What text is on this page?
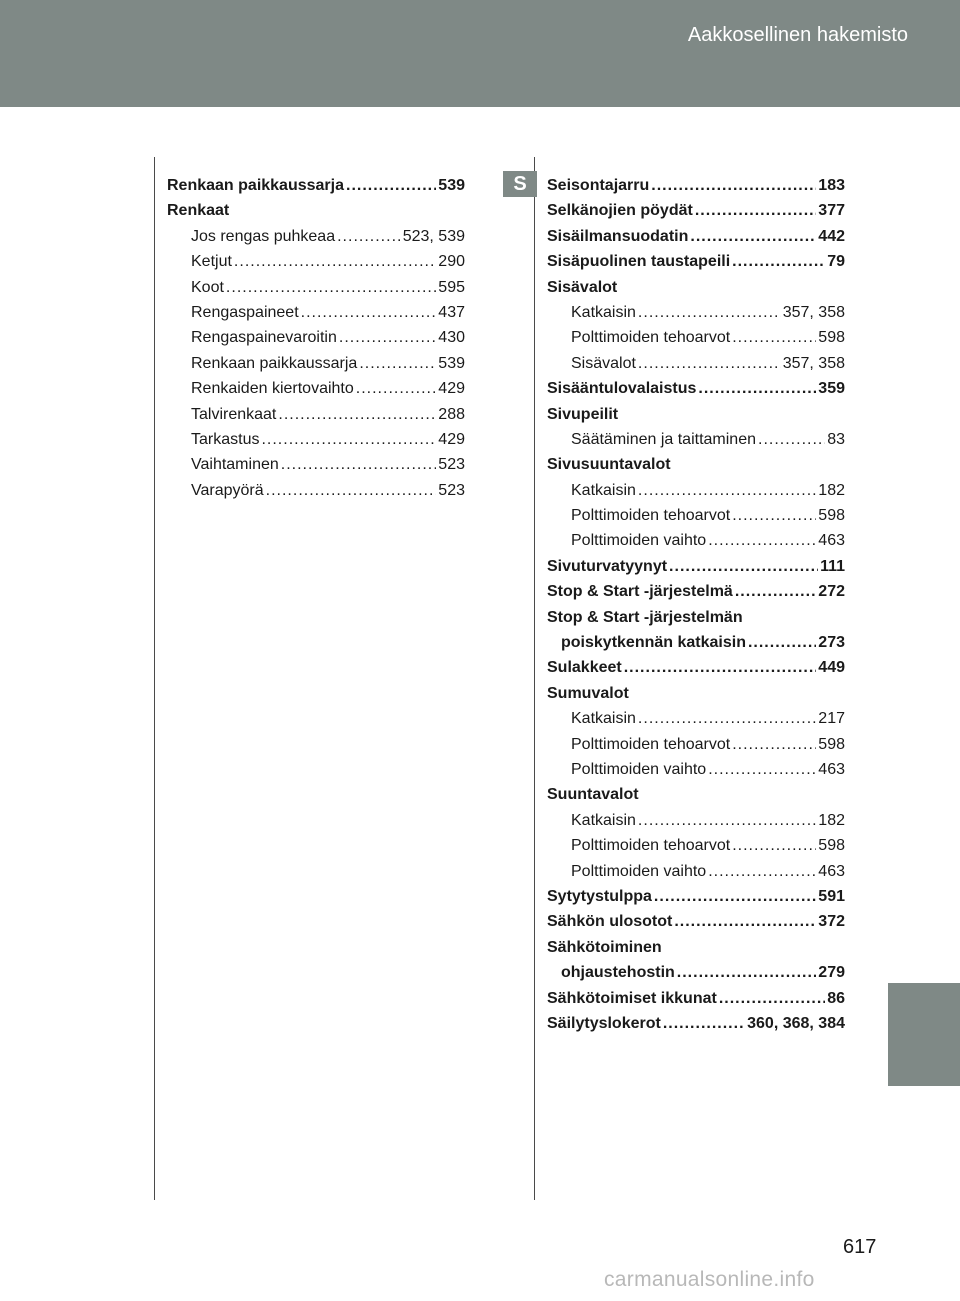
Aakkosellinen hakemisto
S
Renkaan paikkaussarja .....	539
Renkaat
Jos rengas puhkeaa .....	523, 539
Ketjut .....	290
Koot .....	595
Rengaspaineet .....	437
Rengaspainevaroitin .....	430
Renkaan paikkaussarja .....	539
Renkaiden kiertovaihto .....	429
Talvirenkaat .....	288
Tarkastus .....	429
Vaihtaminen .....	523
Varapyörä .....	523
Seisontajarru .....	183
Selkänojien pöydät .....	377
Sisäilmansuodatin .....	442
Sisäpuolinen taustapeili .....	79
Sisävalot
Katkaisin .....	357, 358
Polttimoiden tehoarvot .....	598
Sisävalot .....	357, 358
Sisääntulovalaistus .....	359
Sivupeilit
Säätäminen ja taittaminen .....	83
Sivusuuntavalot
Katkaisin .....	182
Polttimoiden tehoarvot .....	598
Polttimoiden vaihto .....	463
Sivuturvatyynyt .....	111
Stop & Start -järjestelmä .....	272
Stop & Start -järjestelmän
poiskytkennän katkaisin .....	273
Sulakkeet .....	449
Sumuvalot
Katkaisin .....	217
Polttimoiden tehoarvot .....	598
Polttimoiden vaihto .....	463
Suuntavalot
Katkaisin .....	182
Polttimoiden tehoarvot .....	598
Polttimoiden vaihto .....	463
Sytytystulppa .....	591
Sähkön ulosotot .....	372
Sähkötoiminen
ohjaustehostin .....	279
Sähkötoimiset ikkunat .....	86
Säilytyslokerot .....	360, 368, 384
617
carmanualsonline.info
